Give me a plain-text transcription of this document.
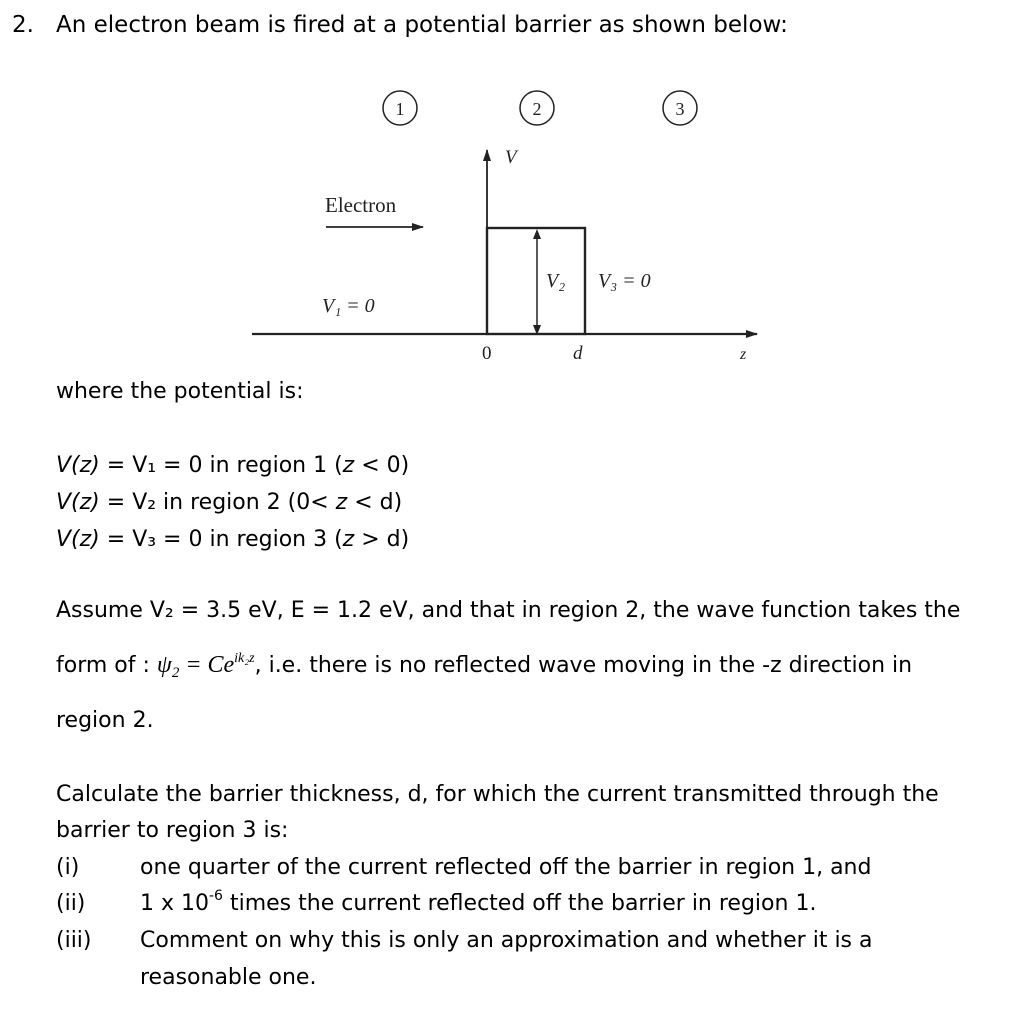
2. An electron beam is fired at a potential barrier as shown below:
1	2	3
V
Electron
V₁ = 0
z
V₂ V₃ = 0
0	d
where the potential is:
V(z) = V₁ = 0 in region 1 (z < 0)
V(z) = V₂ in region 2 (0< z < d)
V(z) = V₃ = 0 in region 3 (z > d)
Assume V₂ = 3.5 eV, E = 1.2 eV, and that in region 2, the wave function takes the
form of : $\psi_2 = Ce^{ik_2z}$, i.e. there is no reflected wave moving in the -z direction in
region 2.
Calculate the barrier thickness, d, for which the current transmitted through the
barrier to region 3 is:
(i)	one quarter of the current reflected off the barrier in region 1, and
(ii) 1 x $10^{-6}$ times the current reflected off the barrier in region 1.
(iii) Comment on why this is only an approximation and whether it is a
reasonable one.
